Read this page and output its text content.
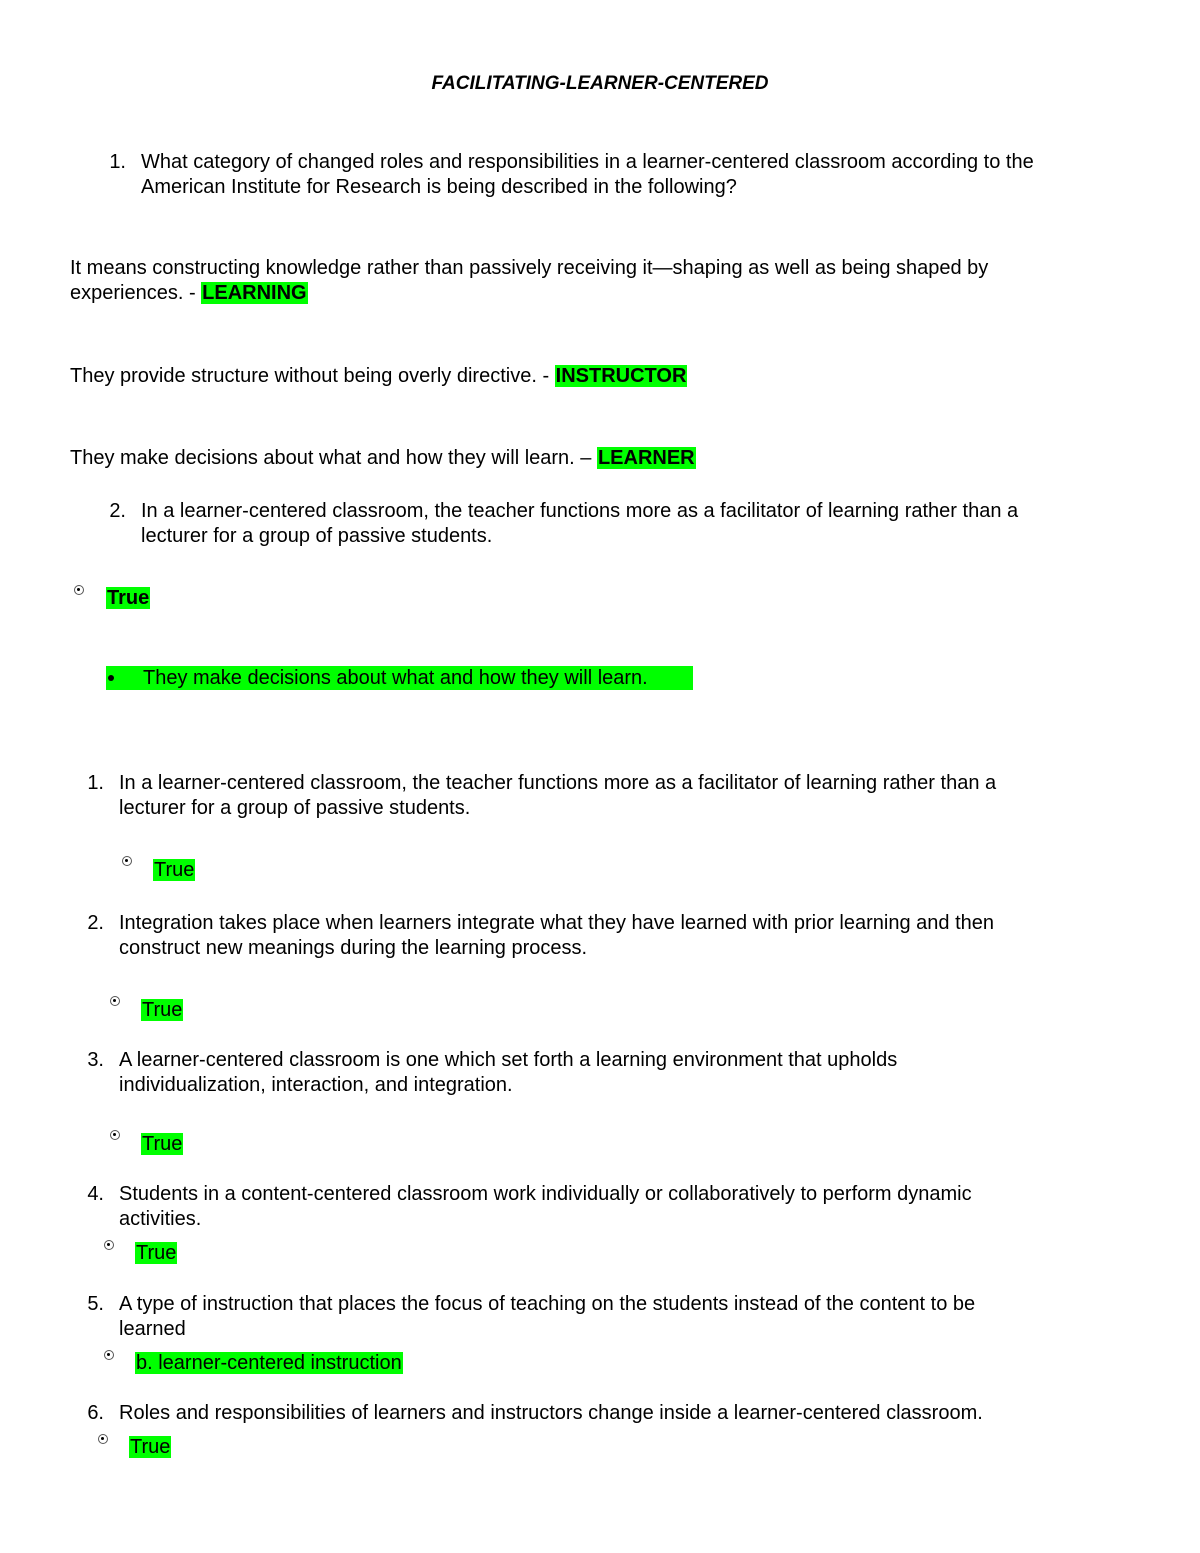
FACILITATING-LEARNER-CENTERED
1. What category of changed roles and responsibilities in a learner-centered classroom according to the
American Institute for Research is being described in the following?
It means constructing knowledge rather than passively receiving it—shaping as well as being shaped by
experiences. - LEARNING
They provide structure without being overly directive. - INSTRUCTOR
They make decisions about what and how they will learn. – LEARNER
2. In a learner-centered classroom, the teacher functions more as a facilitator of learning rather than a
lecturer for a group of passive students.
True
They make decisions about what and how they will learn.
1. In a learner-centered classroom, the teacher functions more as a facilitator of learning rather than a
lecturer for a group of passive students.
True
2. Integration takes place when learners integrate what they have learned with prior learning and then
construct new meanings during the learning process.
True
3. A learner-centered classroom is one which set forth a learning environment that upholds
individualization, interaction, and integration.
True
4. Students in a content-centered classroom work individually or collaboratively to perform dynamic
activities.
True
5. A type of instruction that places the focus of teaching on the students instead of the content to be
learned
b. learner-centered instruction
6. Roles and responsibilities of learners and instructors change inside a learner-centered classroom.
True
